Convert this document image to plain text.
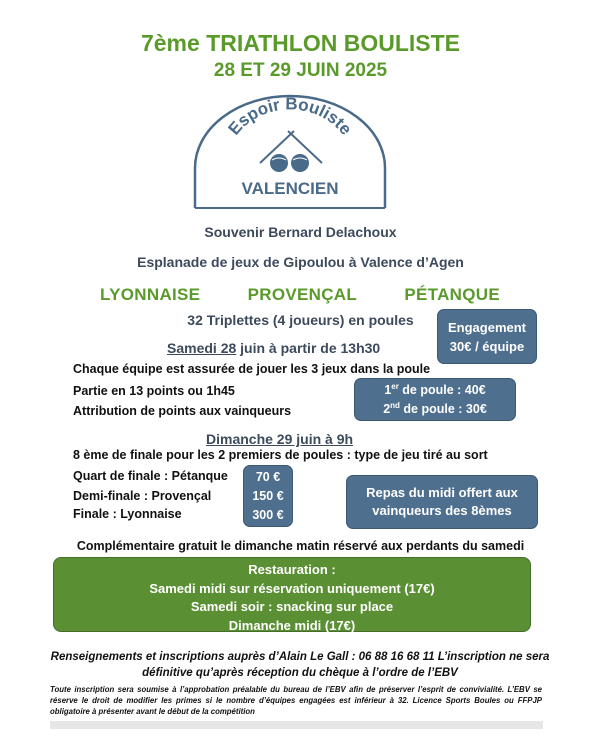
7ème TRIATHLON BOULISTE
28 ET 29 JUIN 2025
Espoir Bouliste
VALENCIEN
Souvenir Bernard Delachoux
Esplanade de jeux de Gipoulou à Valence d’Agen
LYONNAISE	PROVENÇAL	PÉTANQUE
32 Triplettes (4 joueurs) en poules	Engagement
30€ / équipe
Samedi 28 juin à partir de 13h30
Chaque équipe est assurée de jouer les 3 jeux dans la poule
Partie en 13 points ou 1h45
Attribution de points aux vainqueurs
1er de poule : 40€
2nd de poule : 30€
Dimanche 29 juin à 9h
8 ème de finale pour les 2 premiers de poules : type de jeu tiré au sort
Quart de finale : Pétanque
Demi-finale : Provençal
Finale : Lyonnaise
70 €
150 €
300 €
Repas du midi offert aux
vainqueurs des 8èmes
Complémentaire gratuit le dimanche matin réservé aux perdants du samedi
Restauration :
Samedi midi sur réservation uniquement (17€)
Samedi soir : snacking sur place
Dimanche midi (17€)
Renseignements et inscriptions auprès d’Alain Le Gall : 06 88 16 68 11 L’inscription ne sera définitive qu’après réception du chèque à l’ordre de l’EBV
Toute inscription sera soumise à l’approbation préalable du bureau de l’EBV afin de préserver l’esprit de convivialité. L’EBV se réserve le droit de modifier les primes si le nombre d’équipes engagées est inférieur à 32. Licence Sports Boules ou FFPJP obligatoire à présenter avant le début de la compétition
